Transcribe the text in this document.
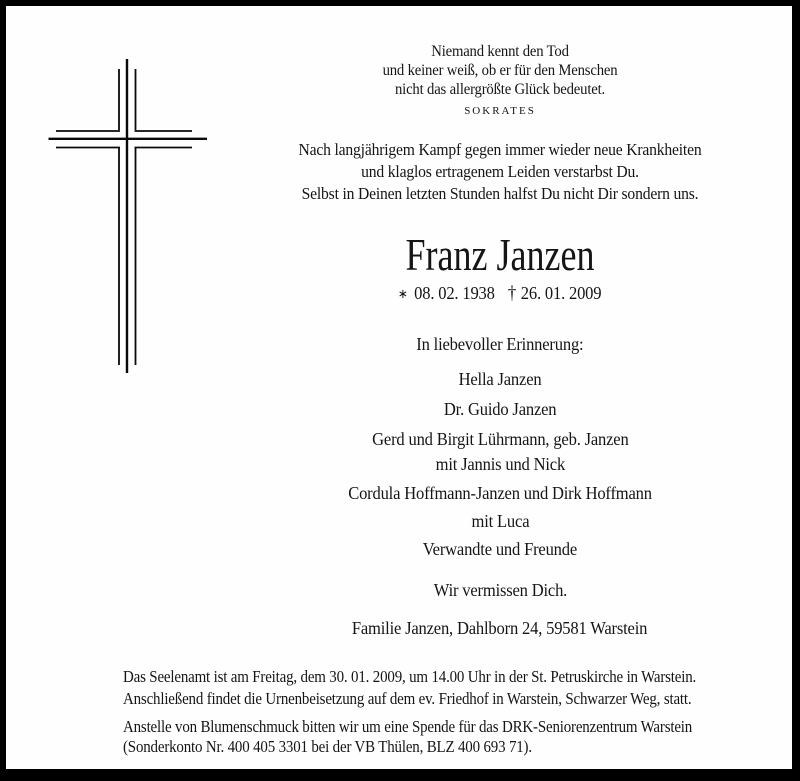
Niemand kennt den Tod
und keiner weiß, ob er für den Menschen
nicht das allergrößte Glück bedeutet.
SOKRATES
Nach langjährigem Kampf gegen immer wieder neue Krankheiten
und klaglos ertragenem Leiden verstarbst Du.
Selbst in Deinen letzten Stunden halfst Du nicht Dir sondern uns.
Franz Janzen
∗ 08. 02. 1938 † 26. 01. 2009
In liebevoller Erinnerung:
Hella Janzen
Dr. Guido Janzen
Gerd und Birgit Lührmann, geb. Janzen
mit Jannis und Nick
Cordula Hoffmann-Janzen und Dirk Hoffmann
mit Luca
Verwandte und Freunde
Wir vermissen Dich.
Familie Janzen, Dahlborn 24, 59581 Warstein
Das Seelenamt ist am Freitag, dem 30. 01. 2009, um 14.00 Uhr in der St. Petruskirche in Warstein.
Anschließend findet die Urnenbeisetzung auf dem ev. Friedhof in Warstein, Schwarzer Weg, statt.
Anstelle von Blumenschmuck bitten wir um eine Spende für das DRK-Seniorenzentrum Warstein
(Sonderkonto Nr. 400 405 3301 bei der VB Thülen, BLZ 400 693 71).
